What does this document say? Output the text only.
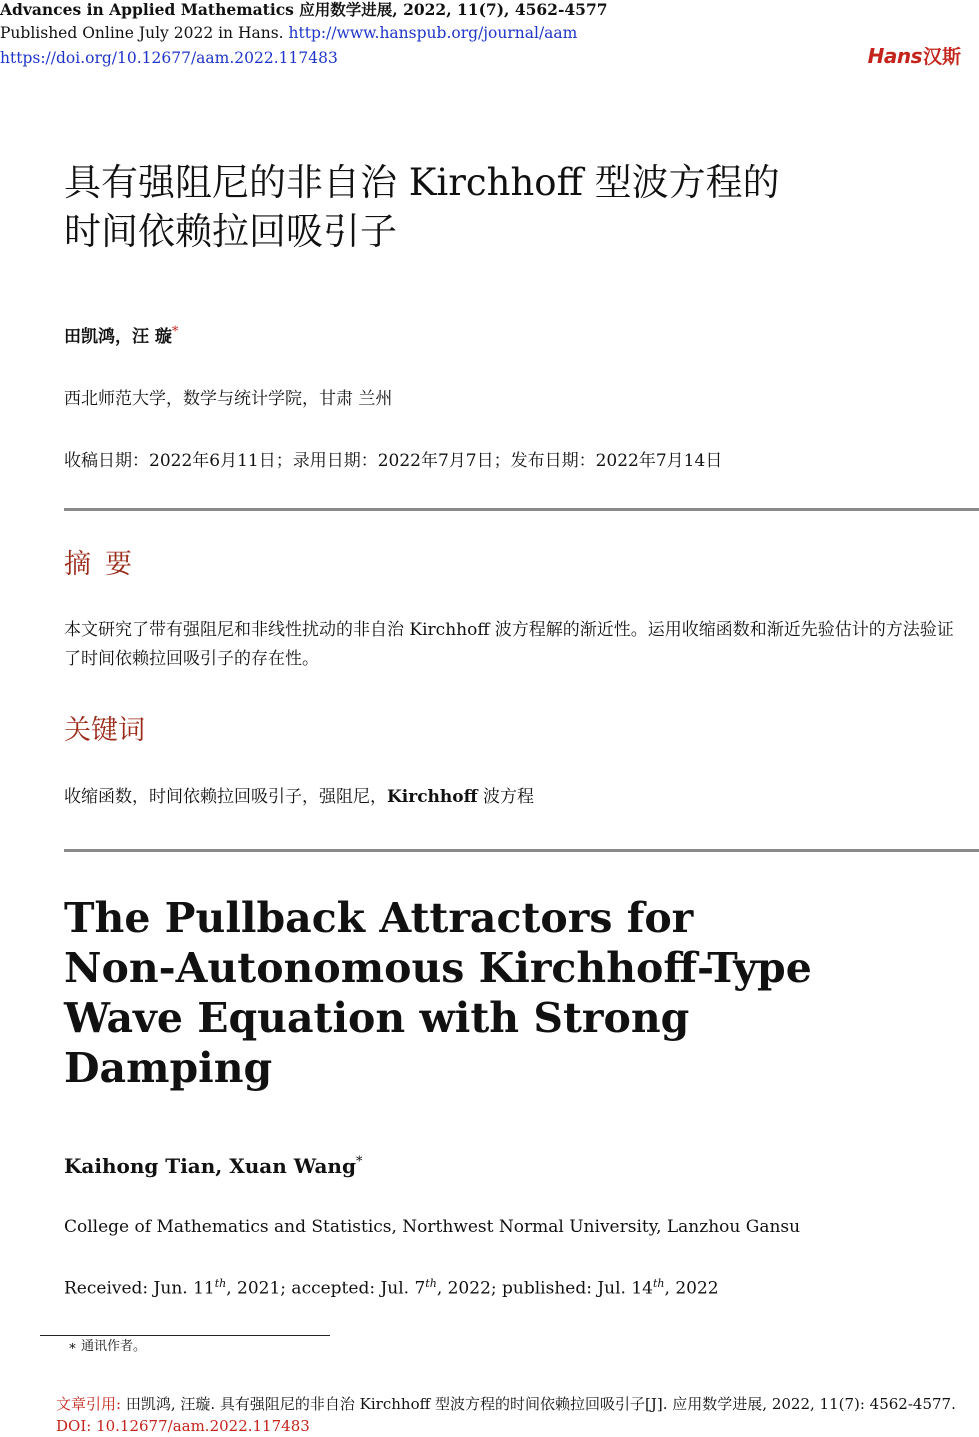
Advances in Applied Mathematics 应用数学进展, 2022, 11(7), 4562-4577
Published Online July 2022 in Hans. http://www.hanspub.org/journal/aam
https://doi.org/10.12677/aam.2022.117483	Hans汉斯
具有强阻尼的非自治 Kirchhoff 型波方程的
时间依赖拉回吸引子
田凯鸿，汪 璇*
西北师范大学，数学与统计学院，甘肃 兰州
收稿日期：2022年6月11日；录用日期：2022年7月7日；发布日期：2022年7月14日
摘要
本文研究了带有强阻尼和非线性扰动的非自治 Kirchhoff 波方程解的渐近性。运用收缩函数和渐近先验估计的方法验证了时间依赖拉回吸引子的存在性。
关键词
收缩函数，时间依赖拉回吸引子，强阻尼，Kirchhoff 波方程
The Pullback Attractors for
Non-Autonomous Kirchhoff-Type
Wave Equation with Strong
Damping
Kaihong Tian, Xuan Wang*
College of Mathematics and Statistics, Northwest Normal University, Lanzhou Gansu
Received: Jun. 11th, 2021; accepted: Jul. 7th, 2022; published: Jul. 14th, 2022
∗ 通讯作者。
文章引用: 田凯鸿, 汪璇. 具有强阻尼的非自治 Kirchhoff 型波方程的时间依赖拉回吸引子[J]. 应用数学进展, 2022, 11(7): 4562-4577. DOI: 10.12677/aam.2022.117483
